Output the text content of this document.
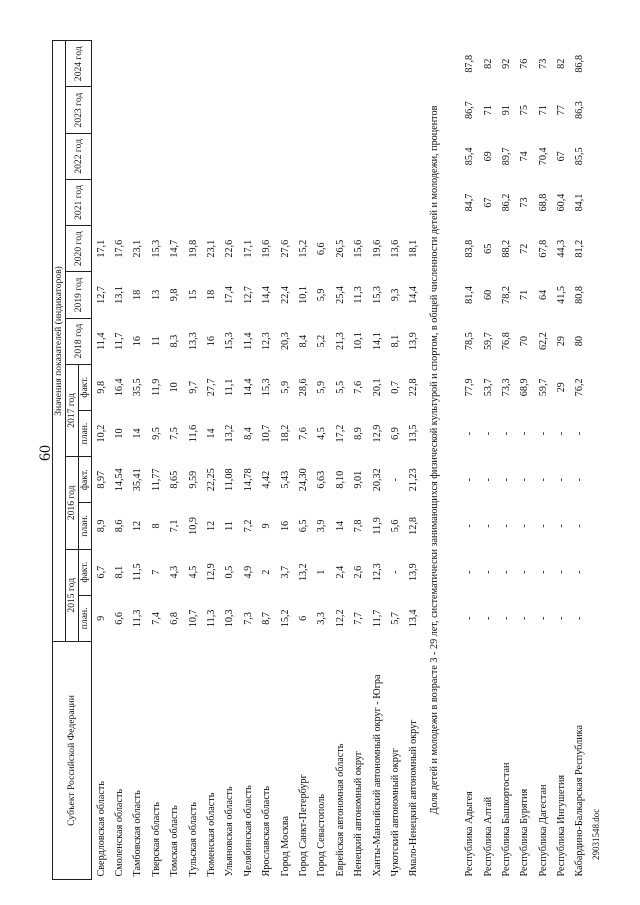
60
29031548.doc
Субъект Российской Федерации	Значения показателей (индикаторов)												
	2015 год		2016 год		2017 год		2018 год	2019 год	2020 год	2021 год	2022 год	2023 год	2024 год
	план.	факт.	план.	факт.	план.	факт.							
Свердловская область	9	6,7	8,9	8,97	10,2	9,8	11,4	12,7	17,1				
Смоленская область	6,6	8,1	8,6	14,54	10	16,4	11,7	13,1	17,6				
Тамбовская область	11,3	11,5	12	35,41	14	35,5	16	18	23,1				
Тверская область	7,4	7	8	11,77	9,5	11,9	11	13	15,3				
Томская область	6,8	4,3	7,1	8,65	7,5	10	8,3	9,8	14,7				
Тульская область	10,7	4,5	10,9	9,59	11,6	9,7	13,3	15	19,8				
Тюменская область	11,3	12,9	12	22,25	14	27,7	16	18	23,1				
Ульяновская область	10,3	0,5	11	11,08	13,2	11,1	15,3	17,4	22,6				
Челябинская область	7,3	4,9	7,2	14,78	8,4	14,4	11,4	12,7	17,1				
Ярославская область	8,7	2	9	4,42	10,7	15,3	12,3	14,4	19,6				
Город Москва	15,2	3,7	16	5,43	18,2	5,9	20,3	22,4	27,6				
Город Санкт-Петербург	6	13,2	6,5	24,30	7,6	28,6	8,4	10,1	15,2				
Город Севастополь	3,3	1	3,9	6,63	4,5	5,9	5,2	5,9	6,6				
Еврейская автономная область	12,2	2,4	14	8,10	17,2	5,5	21,3	25,4	26,5				
Ненецкий автономный округ	7,7	2,6	7,8	9,01	8,9	7,6	10,1	11,3	15,6				
Ханты-Мансийский автономный округ - Югра	11,7	12,3	11,9	20,32	12,9	20,1	14,1	15,3	19,6				
Чукотский автономный округ	5,7	-	5,6	-	6,9	0,7	8,1	9,3	13,6				
Ямало-Ненецкий автономный округ	13,4	13,9	12,8	21,23	13,5	22,8	13,9	14,4	18,1				
Доля детей и молодежи в возрасте 3 - 29 лет, систематически занимающихся физической культурой и спортом, в общей численности детей и молодежи, процентов													

Республика Адыгея	-	-	-	-	-	77,9	78,5	81,4	83,8	84,7	85,4	86,7	87,8
Республика Алтай	-	-	-	-	-	53,7	59,7	60	65	67	69	71	82
Республика Башкортостан	-	-	-	-	-	73,3	76,8	78,2	88,2	86,2	89,7	91	92
Республика Бурятия	-	-	-	-	-	68,9	70	71	72	73	74	75	76
Республика Дагестан	-	-	-	-	-	59,7	62,2	64	67,8	68,8	70,4	71	73
Республика Ингушетия	-	-	-	-	-	29	29	41,5	44,3	60,4	67	77	82
Кабардино-Балкарская Республика	-	-	-	-	-	76,2	80	80,8	81,2	84,1	85,5	86,3	86,8
